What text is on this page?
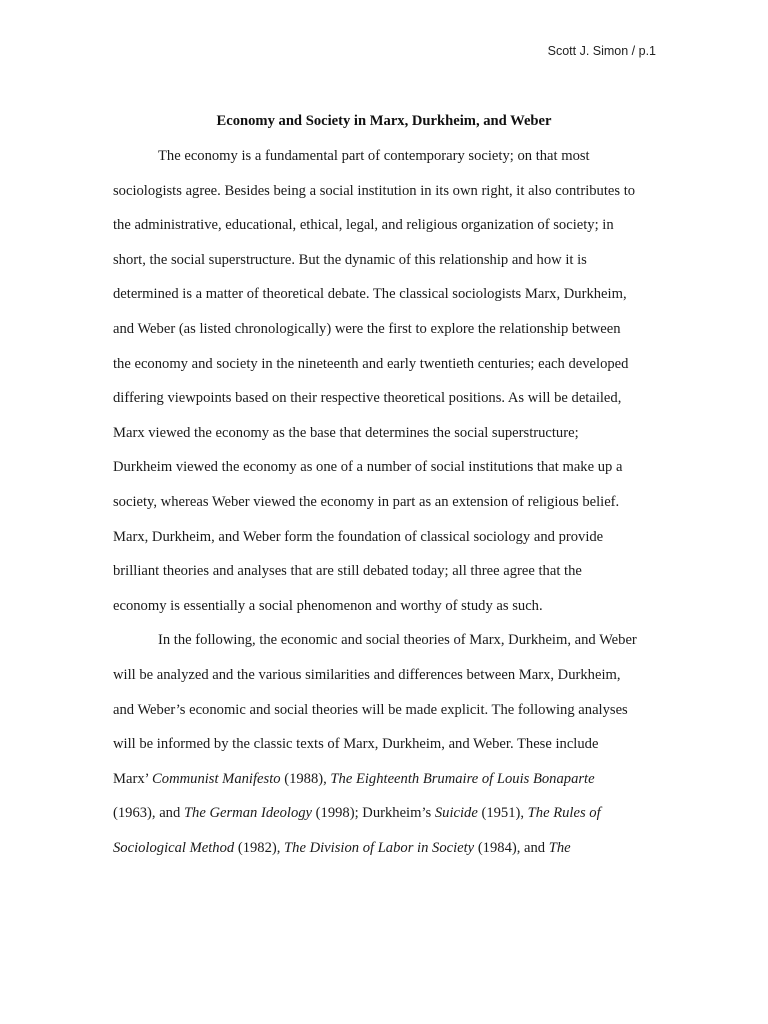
Scott J. Simon / p.1
Economy and Society in Marx, Durkheim, and Weber
The economy is a fundamental part of contemporary society; on that most
sociologists agree. Besides being a social institution in its own right, it also contributes to
the administrative, educational, ethical, legal, and religious organization of society; in
short, the social superstructure. But the dynamic of this relationship and how it is
determined is a matter of theoretical debate. The classical sociologists Marx, Durkheim,
and Weber (as listed chronologically) were the first to explore the relationship between
the economy and society in the nineteenth and early twentieth centuries; each developed
differing viewpoints based on their respective theoretical positions. As will be detailed,
Marx viewed the economy as the base that determines the social superstructure;
Durkheim viewed the economy as one of a number of social institutions that make up a
society, whereas Weber viewed the economy in part as an extension of religious belief.
Marx, Durkheim, and Weber form the foundation of classical sociology and provide
brilliant theories and analyses that are still debated today; all three agree that the
economy is essentially a social phenomenon and worthy of study as such.
In the following, the economic and social theories of Marx, Durkheim, and Weber
will be analyzed and the various similarities and differences between Marx, Durkheim,
and Weber’s economic and social theories will be made explicit. The following analyses
will be informed by the classic texts of Marx, Durkheim, and Weber. These include
Marx’ Communist Manifesto (1988), The Eighteenth Brumaire of Louis Bonaparte
(1963), and The German Ideology (1998); Durkheim’s Suicide (1951), The Rules of
Sociological Method (1982), The Division of Labor in Society (1984), and The
